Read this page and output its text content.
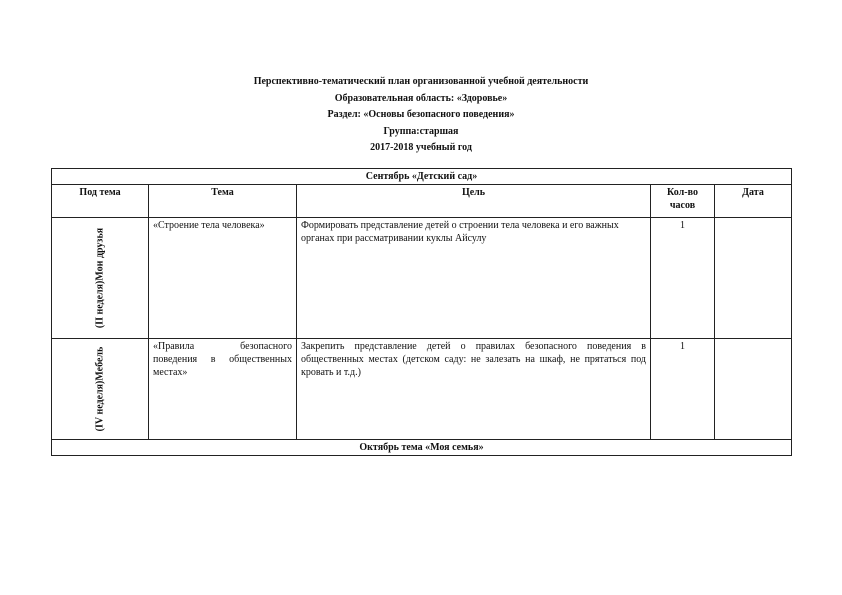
Перспективно-тематический план организованной учебной деятельности
Образовательная область: «Здоровье»
Раздел: «Основы безопасного поведения»
Группа:старшая
2017-2018 учебный год
Сентябрь «Детский сад»				
Под тема	Тема	Цель	Кол-во часов	Дата

(II неделя)Мои друзья	«Строение тела человека»	Формировать представление детей о строении тела человека и его важных органах при рассматривании куклы Айсулу	1	

(IV неделя)Мебель	«Правила безопасного поведения в общественных местах»	Закрепить представление детей о правилах безопасного поведения в общественных местах (детском саду: не залезать на шкаф, не прятаться под кровать и т.д.)	1	
Октябрь тема «Моя семья»				
